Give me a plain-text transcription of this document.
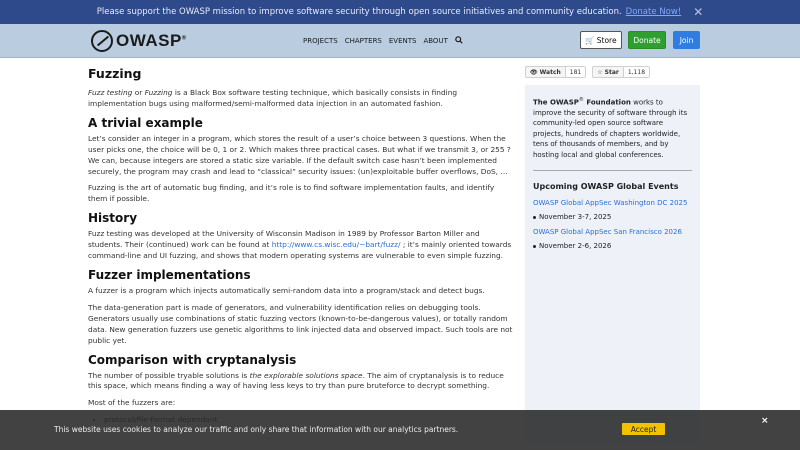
Please support the OWASP mission to improve software security through open source initiatives and community education. Donate Now! ✕
OWASP®	PROJECTS CHAPTERS EVENTS ABOUT	🛒 Store	Donate	Join
Fuzzing

Fuzz testing or Fuzzing is a Black Box software testing technique, which basically consists in finding implementation bugs using malformed/semi-malformed data injection in an automated fashion.

A trivial example

Let’s consider an integer in a program, which stores the result of a user’s choice between 3 questions. When the user picks one, the choice will be 0, 1 or 2. Which makes three practical cases. But what if we transmit 3, or 255 ? We can, because integers are stored a static size variable. If the default switch case hasn’t been implemented securely, the program may crash and lead to “classical” security issues: (un)exploitable buffer overflows, DoS, …

Fuzzing is the art of automatic bug finding, and it’s role is to find software implementation faults, and identify them if possible.

History

Fuzz testing was developed at the University of Wisconsin Madison in 1989 by Professor Barton Miller and students. Their (continued) work can be found at http://www.cs.wisc.edu/~bart/fuzz/ ; it’s mainly oriented towards command-line and UI fuzzing, and shows that modern operating systems are vulnerable to even simple fuzzing.

Fuzzer implementations

A fuzzer is a program which injects automatically semi-random data into a program/stack and detect bugs.

The data-generation part is made of generators, and vulnerability identification relies on debugging tools. Generators usually use combinations of static fuzzing vectors (known-to-be-dangerous values), or totally random data. New generation fuzzers use genetic algorithms to link injected data and observed impact. Such tools are not public yet.

Comparison with cryptanalysis

The number of possible tryable solutions is the explorable solutions space. The aim of cryptanalysis is to reduce this space, which means finding a way of having less keys to try than pure bruteforce to decrypt something.

Most of the fuzzers are:

•
👁 Watch	181	☆ Star	1,118
The OWASP® Foundation works to improve the security of software through its community-led open source software projects, hundreds of chapters worldwide, tens of thousands of members, and by hosting local and global conferences.
Upcoming OWASP Global Events
OWASP Global AppSec Washington DC 2025
November 3-7, 2025
OWASP Global AppSec San Francisco 2026
November 2-6, 2026
This website uses cookies to analyze our traffic and only share that information with our analytics partners.	Accept
×
